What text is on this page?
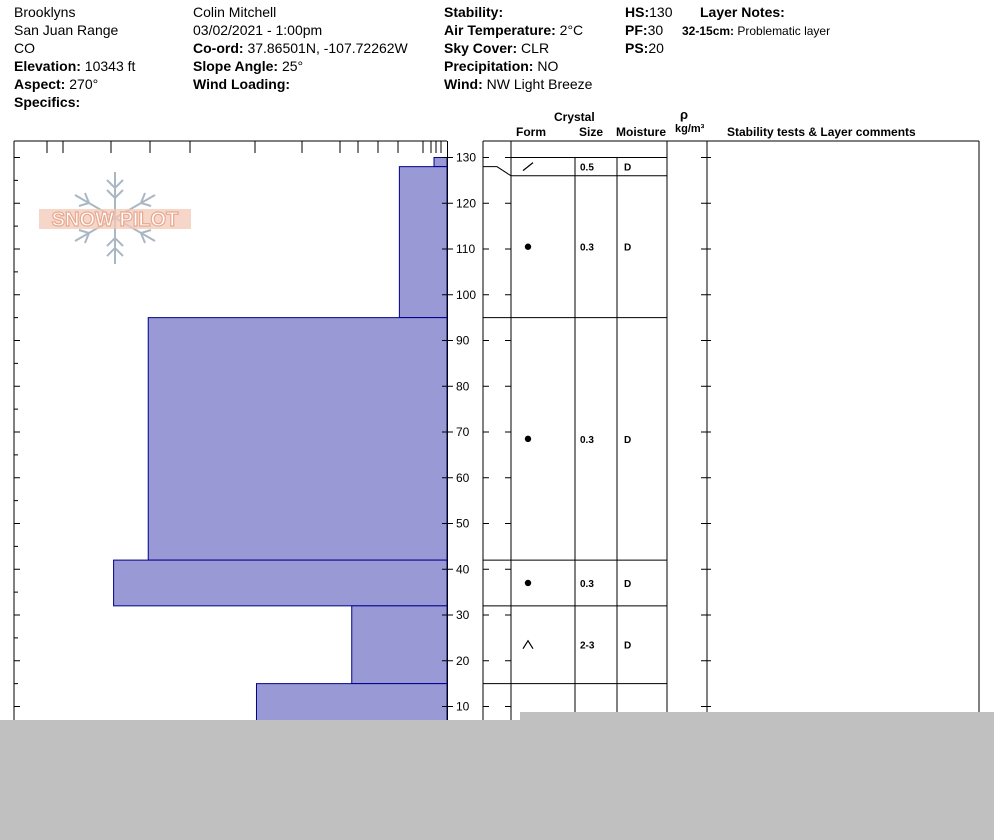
Brooklyns
San Juan Range
CO
Elevation: 10343 ft
Aspect: 270°
Specifics:
Colin Mitchell
03/02/2021 - 1:00pm
Co-ord: 37.86501N, -107.72262W
Slope Angle: 25°
Wind Loading:
Stability:
Air Temperature: 2°C
Sky Cover: CLR
Precipitation: NO
Wind: NW Light Breeze
HS:130
PF:30
PS:20
Layer Notes:
32-15cm: Problematic layer
Crystal
Form	Size Moisture
ρ
kg/m³ Stability tests & Layer comments
10
20
30
40
50
60
70
80
90
100
110
120
130
0.5	D
0.3	D
0.3	D
0.3	D
2-3	D
SNOW PILOT
